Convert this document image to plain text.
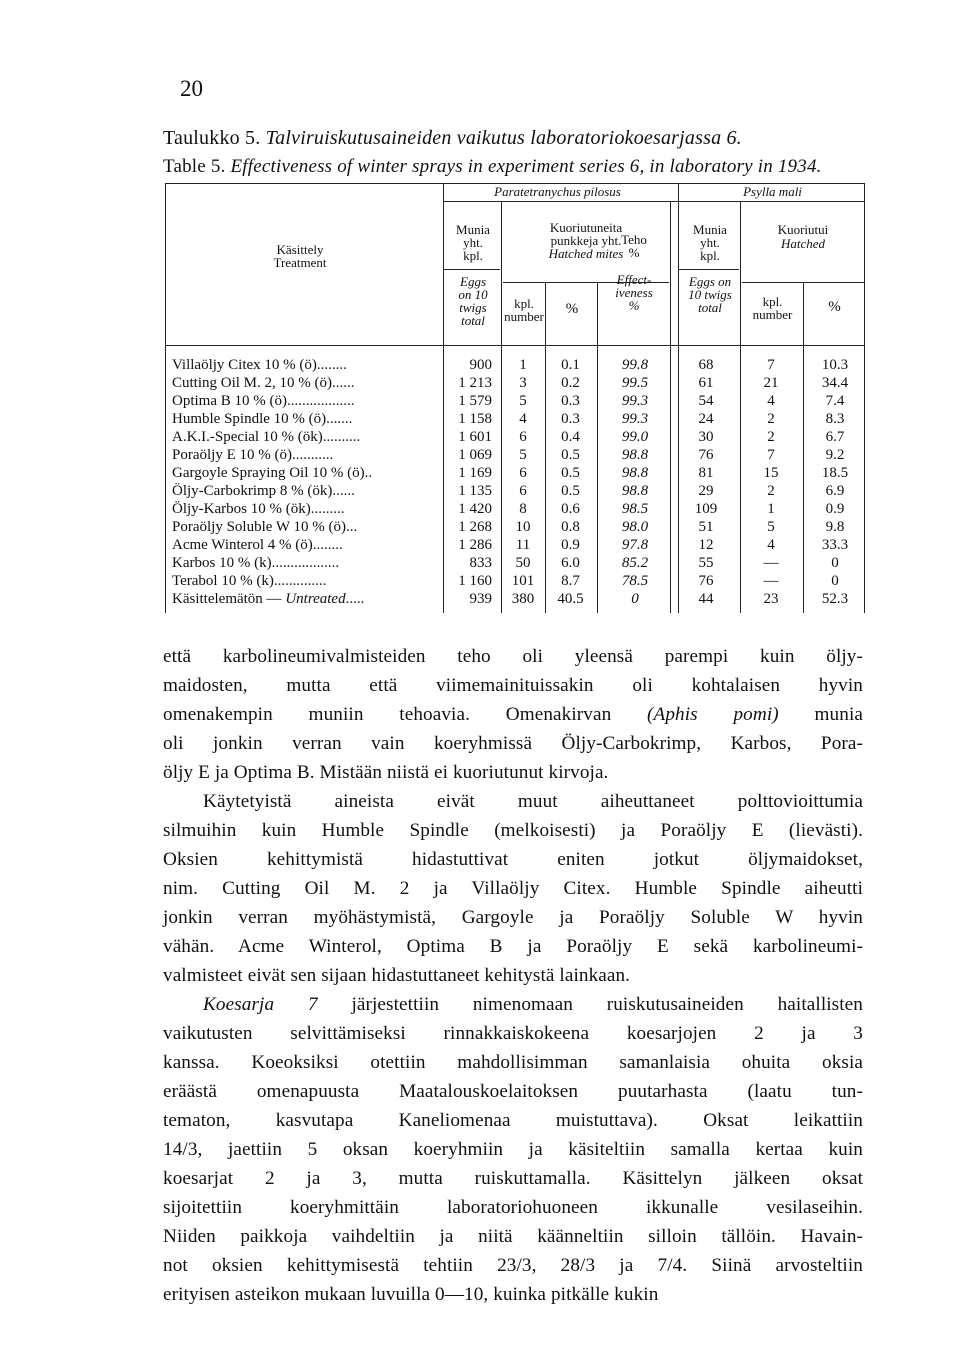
20
Taulukko 5. Talviruiskutusaineiden vaikutus laboratoriokoesarjassa 6.
Table 5. Effectiveness of winter sprays in experiment series 6, in laboratory in 1934.
Käsittely
Treatment
Paratetranychus pilosus	Psylla mali
Munia
yht.
kpl.
Eggs
on 10
twigs
total
Kuoriutuneita
punkkeja yht.
Hatched mites
kpl.
number	%
Teho
%
Effect-
iveness
%
Munia
yht.
kpl.
Eggs on
10 twigs
total
Kuoriutui
Hatched
kpl.
number	%
Villaöljy Citex 10 % (ö)........	900	1	0.1	99.8	68	7	10.3
Cutting Oil M. 2, 10 % (ö)......	1 213	3	0.2	99.5	61	21	34.4
Optima B 10 % (ö)..................	1 579	5	0.3	99.3	54	4	7.4
Humble Spindle 10 % (ö).......	1 158	4	0.3	99.3	24	2	8.3
A.K.I.-Special 10 % (ök)..........	1 601	6	0.4	99.0	30	2	6.7
Poraöljy E 10 % (ö)...........	1 069	5	0.5	98.8	76	7	9.2
Gargoyle Spraying Oil 10 % (ö)..	1 169	6	0.5	98.8	81	15	18.5
Öljy-Carbokrimp 8 % (ök)......	1 135	6	0.5	98.8	29	2	6.9
Öljy-Karbos 10 % (ök).........	1 420	8	0.6	98.5	109	1	0.9
Poraöljy Soluble W 10 % (ö)...	1 268	10	0.8	98.0	51	5	9.8
Acme Winterol 4 % (ö)........	1 286	11	0.9	97.8	12	4	33.3
Karbos 10 % (k)..................	833	50	6.0	85.2	55	—	0
Terabol 10 % (k)..............	1 160	101	8.7	78.5	76	—	0
Käsittelemätön — Untreated.....	939	380	40.5	0	44	23	52.3
että karbolineumivalmisteiden teho oli yleensä parempi kuin öljy-
maidosten, mutta että viimemainituissakin oli kohtalaisen hyvin
omenakempin muniin tehoavia. Omenakirvan (Aphis pomi) munia
oli jonkin verran vain koeryhmissä Öljy-Carbokrimp, Karbos, Pora-
öljy E ja Optima B. Mistään niistä ei kuoriutunut kirvoja.
Käytetyistä aineista eivät muut aiheuttaneet polttovioittumia
silmuihin kuin Humble Spindle (melkoisesti) ja Poraöljy E (lievästi).
Oksien kehittymistä hidastuttivat eniten jotkut öljymaidokset,
nim. Cutting Oil M. 2 ja Villaöljy Citex. Humble Spindle aiheutti
jonkin verran myöhästymistä, Gargoyle ja Poraöljy Soluble W hyvin
vähän. Acme Winterol, Optima B ja Poraöljy E sekä karbolineumi-
valmisteet eivät sen sijaan hidastuttaneet kehitystä lainkaan.
Koesarja 7 järjestettiin nimenomaan ruiskutusaineiden haitallisten
vaikutusten selvittämiseksi rinnakkaiskokeena koesarjojen 2 ja 3
kanssa. Koeoksiksi otettiin mahdollisimman samanlaisia ohuita oksia
eräästä omenapuusta Maatalouskoelaitoksen puutarhasta (laatu tun-
tematon, kasvutapa Kaneliomenaa muistuttava). Oksat leikattiin
14/3, jaettiin 5 oksan koeryhmiin ja käsiteltiin samalla kertaa kuin
koesarjat 2 ja 3, mutta ruiskuttamalla. Käsittelyn jälkeen oksat
sijoitettiin koeryhmittäin laboratoriohuoneen ikkunalle vesilaseihin.
Niiden paikkoja vaihdeltiin ja niitä käänneltiin silloin tällöin. Havain-
not oksien kehittymisestä tehtiin 23/3, 28/3 ja 7/4. Siinä arvosteltiin
erityisen asteikon mukaan luvuilla 0—10, kuinka pitkälle kukin
